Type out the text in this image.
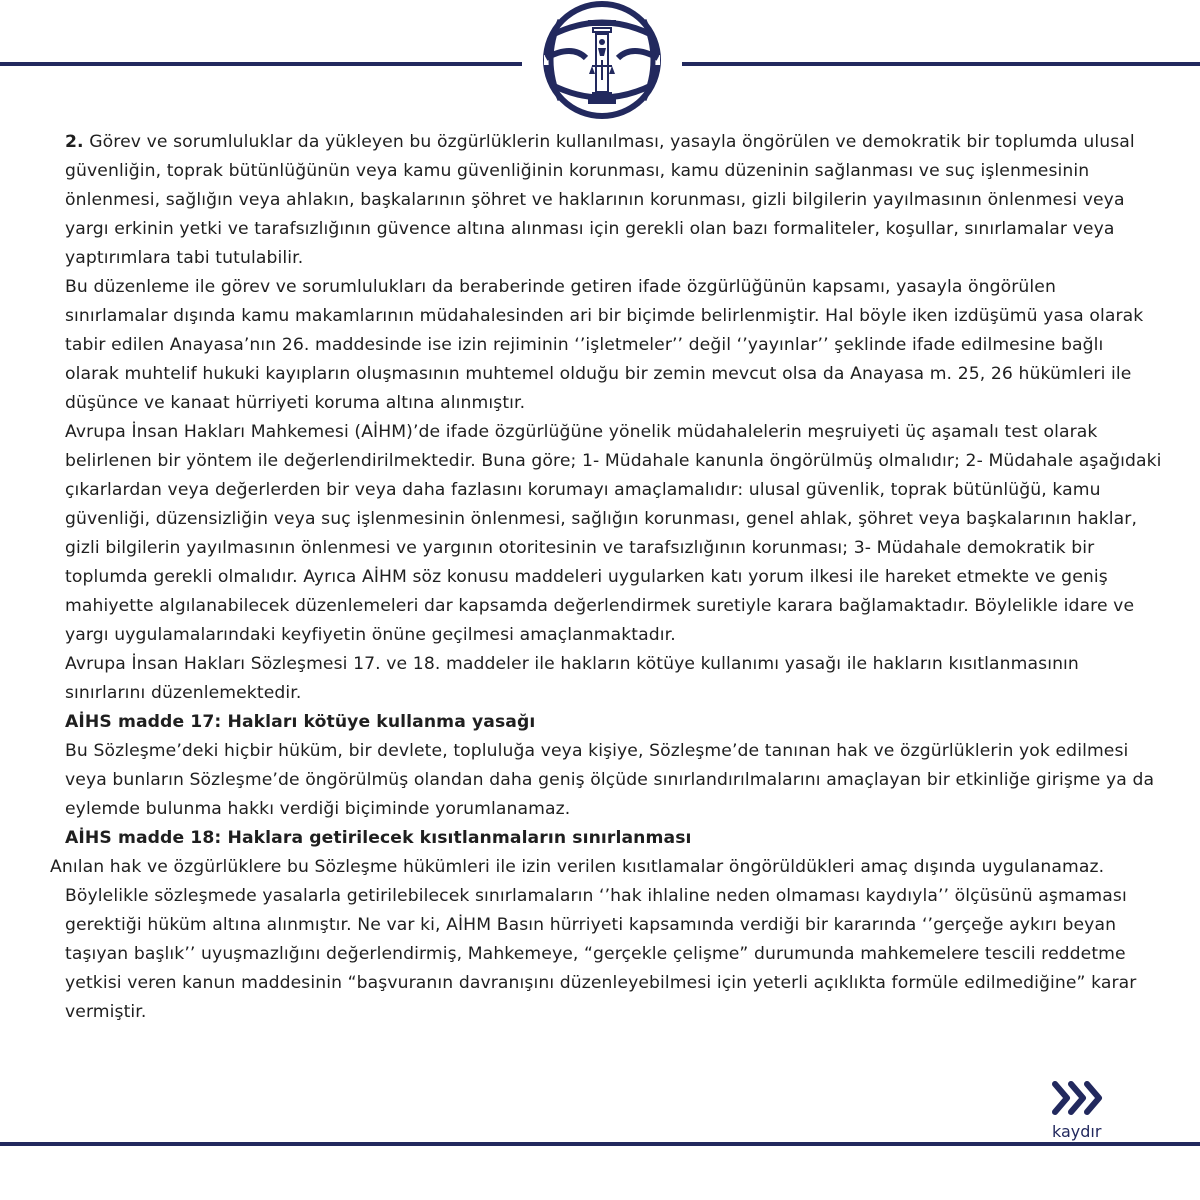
2. Görev ve sorumluluklar da yükleyen bu özgürlüklerin kullanılması, yasayla öngörülen ve demokratik bir toplumda ulusal güvenliğin, toprak bütünlüğünün veya kamu güvenliğinin korunması, kamu düzeninin sağlanması ve suç işlenmesinin önlenmesi, sağlığın veya ahlakın, başkalarının şöhret ve haklarının korunması, gizli bilgilerin yayılmasının önlenmesi veya yargı erkinin yetki ve tarafsızlığının güvence altına alınması için gerekli olan bazı formaliteler, koşullar, sınırlamalar veya yaptırımlara tabi tutulabilir.

Bu düzenleme ile görev ve sorumlulukları da beraberinde getiren ifade özgürlüğünün kapsamı, yasayla öngörülen sınırlamalar dışında kamu makamlarının müdahalesinden ari bir biçimde belirlenmiştir. Hal böyle iken izdüşümü yasa olarak tabir edilen Anayasa’nın 26. maddesinde ise izin rejiminin ‘’işletmeler’’ değil ‘’yayınlar’’ şeklinde ifade edilmesine bağlı olarak muhtelif hukuki kayıpların oluşmasının muhtemel olduğu bir zemin mevcut olsa da Anayasa m. 25, 26 hükümleri ile düşünce ve kanaat hürriyeti koruma altına alınmıştır.

Avrupa İnsan Hakları Mahkemesi (AİHM)’de ifade özgürlüğüne yönelik müdahalelerin meşruiyeti üç aşamalı test olarak belirlenen bir yöntem ile değerlendirilmektedir. Buna göre; 1- Müdahale kanunla öngörülmüş olmalıdır; 2- Müdahale aşağıdaki çıkarlardan veya değerlerden bir veya daha fazlasını korumayı amaçlamalıdır: ulusal güvenlik, toprak bütünlüğü, kamu güvenliği, düzensizliğin veya suç işlenmesinin önlenmesi, sağlığın korunması, genel ahlak, şöhret veya başkalarının haklar, gizli bilgilerin yayılmasının önlenmesi ve yargının otoritesinin ve tarafsızlığının korunması; 3- Müdahale demokratik bir toplumda gerekli olmalıdır. Ayrıca AİHM söz konusu maddeleri uygularken katı yorum ilkesi ile hareket etmekte ve geniş mahiyette algılanabilecek düzenlemeleri dar kapsamda değerlendirmek suretiyle karara bağlamaktadır. Böylelikle idare ve yargı uygulamalarındaki keyfiyetin önüne geçilmesi amaçlanmaktadır.

Avrupa İnsan Hakları Sözleşmesi 17. ve 18. maddeler ile hakların kötüye kullanımı yasağı ile hakların kısıtlanmasının sınırlarını düzenlemektedir.

AİHS madde 17: Hakları kötüye kullanma yasağı

Bu Sözleşme’deki hiçbir hüküm, bir devlete, topluluğa veya kişiye, Sözleşme’de tanınan hak ve özgürlüklerin yok edilmesi veya bunların Sözleşme’de öngörülmüş olandan daha geniş ölçüde sınırlandırılmalarını amaçlayan bir etkinliğe girişme ya da eylemde bulunma hakkı verdiği biçiminde yorumlanamaz.

AİHS madde 18: Haklara getirilecek kısıtlanmaların sınırlanması

Anılan hak ve özgürlüklere bu Sözleşme hükümleri ile izin verilen kısıtlamalar öngörüldükleri amaç dışında uygulanamaz.

Böylelikle sözleşmede yasalarla getirilebilecek sınırlamaların ‘’hak ihlaline neden olmaması kaydıyla’’ ölçüsünü aşmaması gerektiği hüküm altına alınmıştır. Ne var ki, AİHM Basın hürriyeti kapsamında verdiği bir kararında ‘’gerçeğe aykırı beyan taşıyan başlık’’ uyuşmazlığını değerlendirmiş, Mahkemeye, “gerçekle çelişme” durumunda mahkemelere tescili reddetme yetkisi veren kanun maddesinin “başvuranın davranışını düzenleyebilmesi için yeterli açıklıkta formüle edilmediğine” karar vermiştir.

kaydır
